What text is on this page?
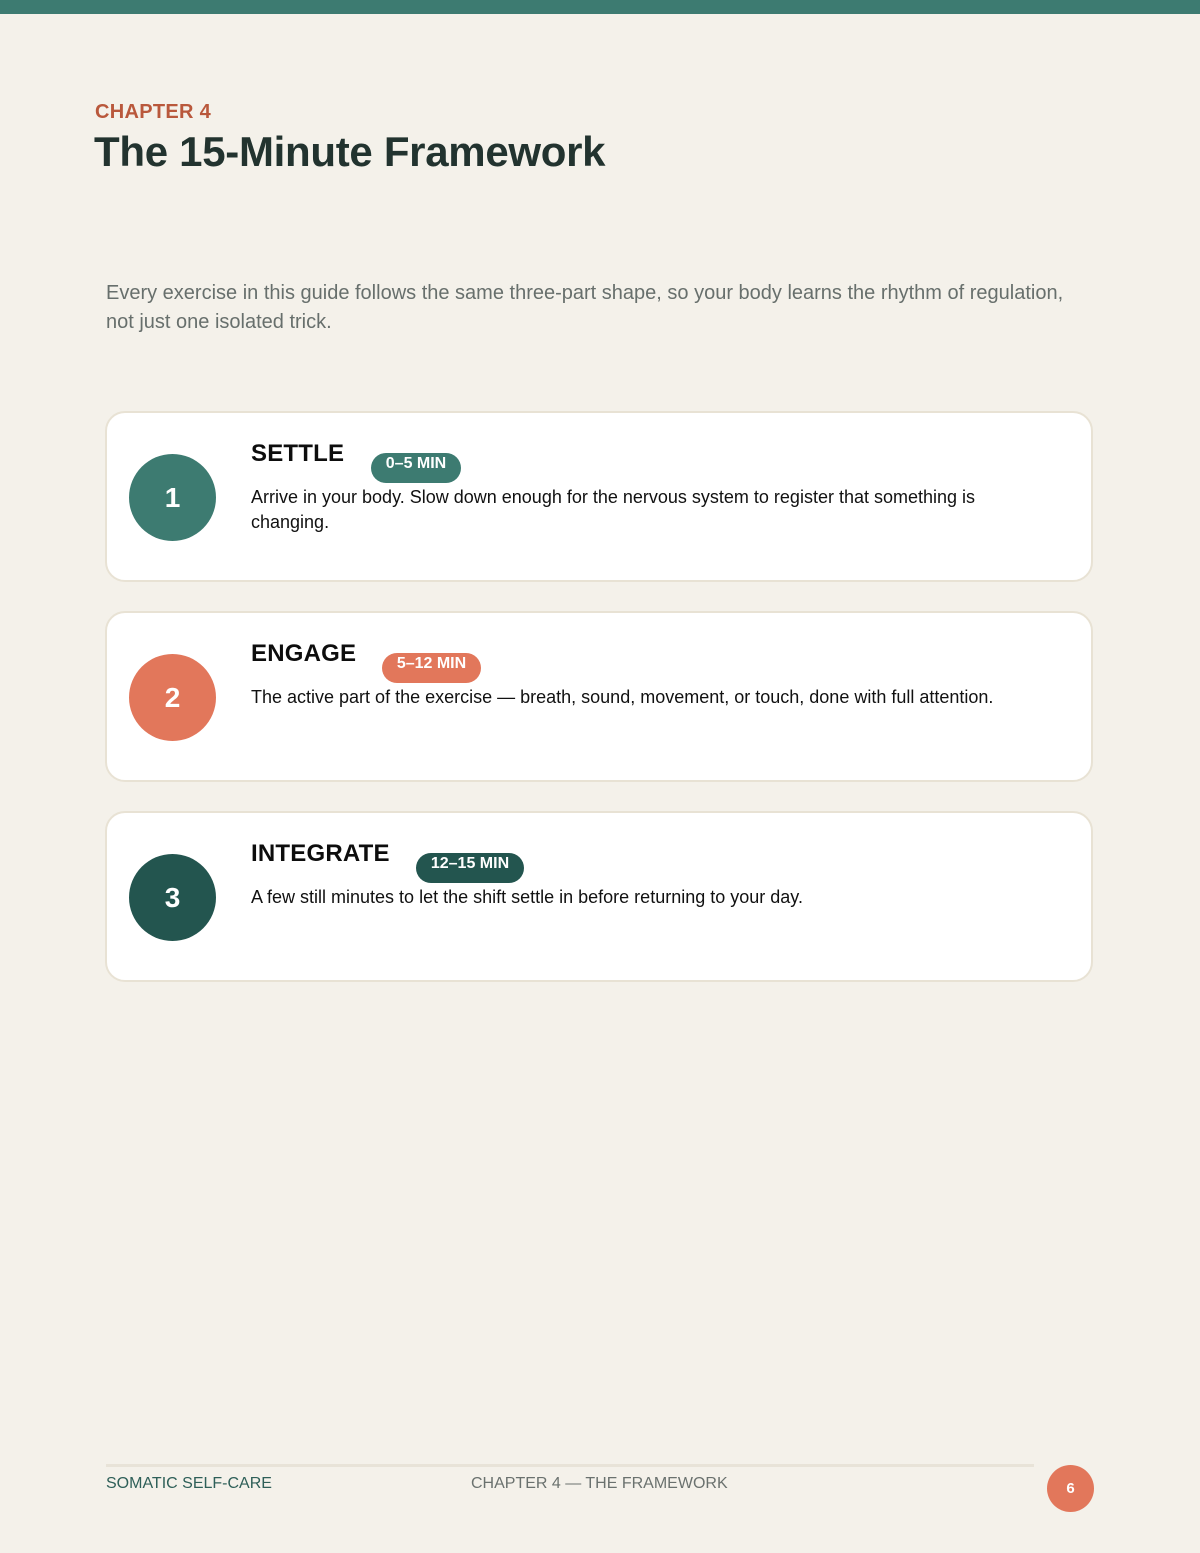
CHAPTER 4
The 15-Minute Framework

Every exercise in this guide follows the same three-part shape, so your body learns the rhythm of regulation, not just one isolated trick.

1
SETTLE	0–5 MIN

Arrive in your body. Slow down enough for the nervous system to register that something is changing.

2
ENGAGE	5–12 MIN

The active part of the exercise — breath, sound, movement, or touch, done with full attention.

3
INTEGRATE	12–15 MIN

A few still minutes to let the shift settle in before returning to your day.

SOMATIC SELF-CARE	CHAPTER 4 — THE FRAMEWORK	6
